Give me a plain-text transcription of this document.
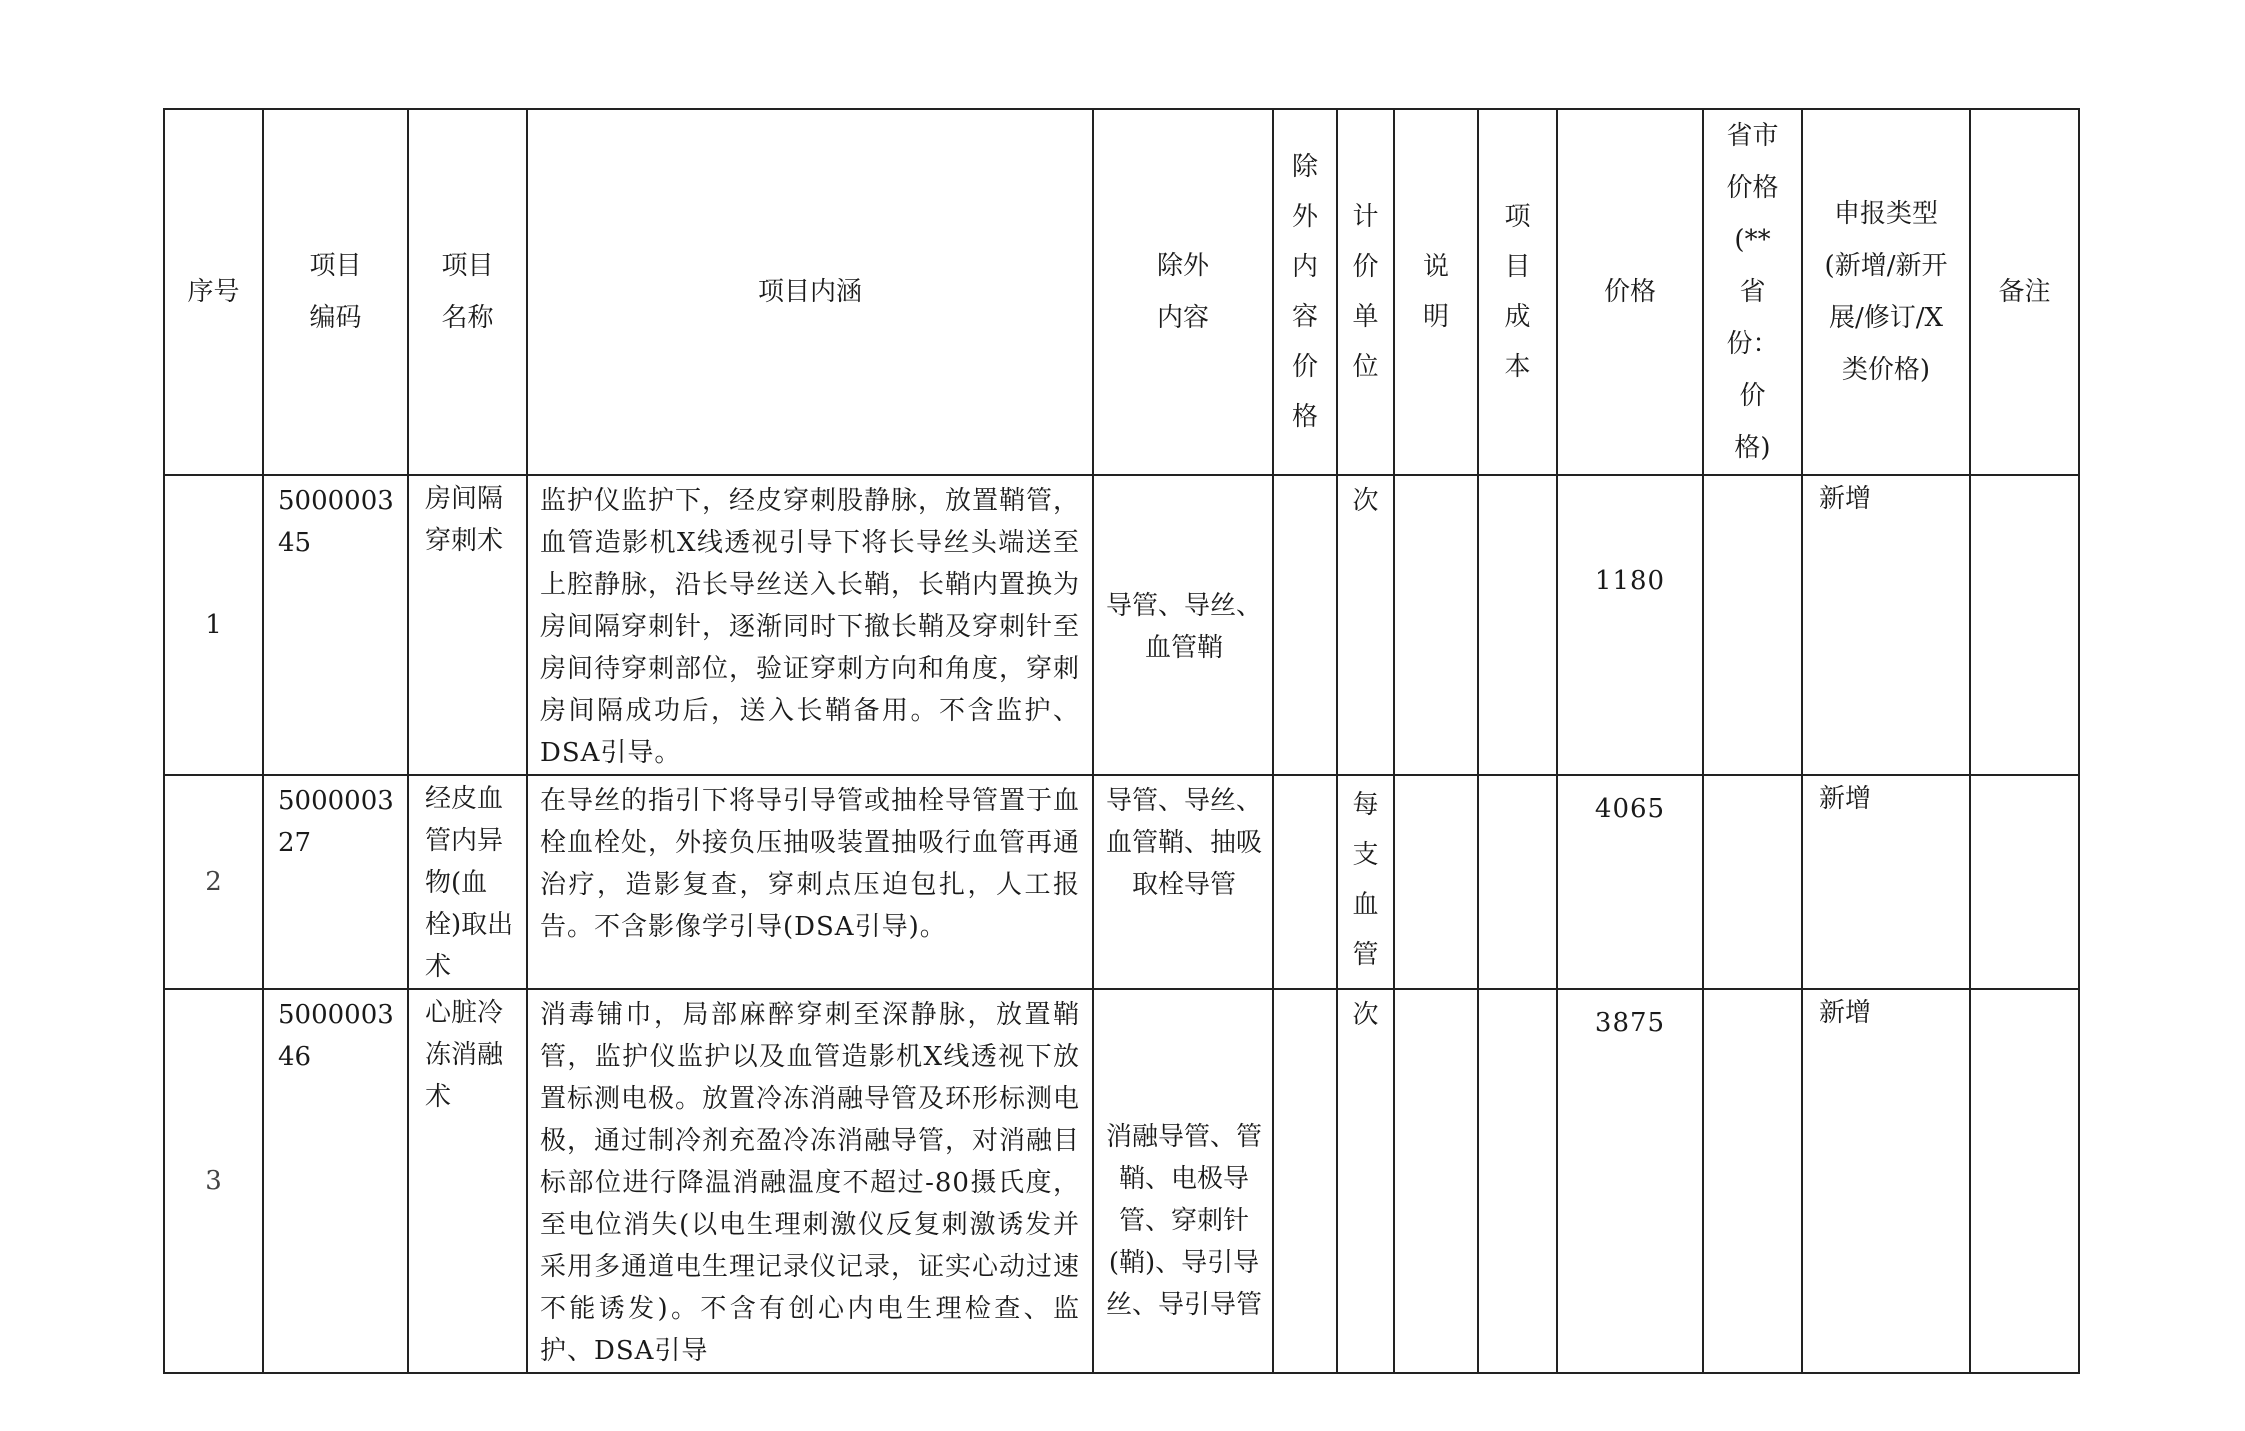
序号	项目编码	项目名称	项目内涵	除外内容	除外内容价格	计价单位	说明	项目成本	价格	省市价格(**省份：价格)	申报类型(新增/新开展/修订/X类价格)	备注
1	500000345	房间隔穿刺术	监护仪监护下，经皮穿刺股静脉，放置鞘管，血管造影机X线透视引导下将长导丝头端送至上腔静脉，沿长导丝送入长鞘，长鞘内置换为房间隔穿刺针，逐渐同时下撤长鞘及穿刺针至房间待穿刺部位，验证穿刺方向和角度，穿刺房间隔成功后，送入长鞘备用。不含监护、DSA引导。	导管、导丝、血管鞘		次			1180		新增	
2	500000327	经皮血管内异物(血栓)取出术	在导丝的指引下将导引导管或抽栓导管置于血栓血栓处，外接负压抽吸装置抽吸行血管再通治疗，造影复查，穿刺点压迫包扎，人工报告。不含影像学引导(DSA引导)。	导管、导丝、血管鞘、抽吸取栓导管		每支血管			4065		新增	
3	500000346	心脏冷冻消融术	消毒铺巾，局部麻醉穿刺至深静脉，放置鞘管，监护仪监护以及血管造影机X线透视下放置标测电极。放置冷冻消融导管及环形标测电极，通过制冷剂充盈冷冻消融导管，对消融目标部位进行降温消融温度不超过-80摄氏度，至电位消失(以电生理刺激仪反复刺激诱发并采用多通道电生理记录仪记录，证实心动过速不能诱发)。不含有创心内电生理检查、监护、DSA引导	消融导管、管鞘、电极导管、穿刺针(鞘)、导引导丝、导引导管		次			3875		新增	
